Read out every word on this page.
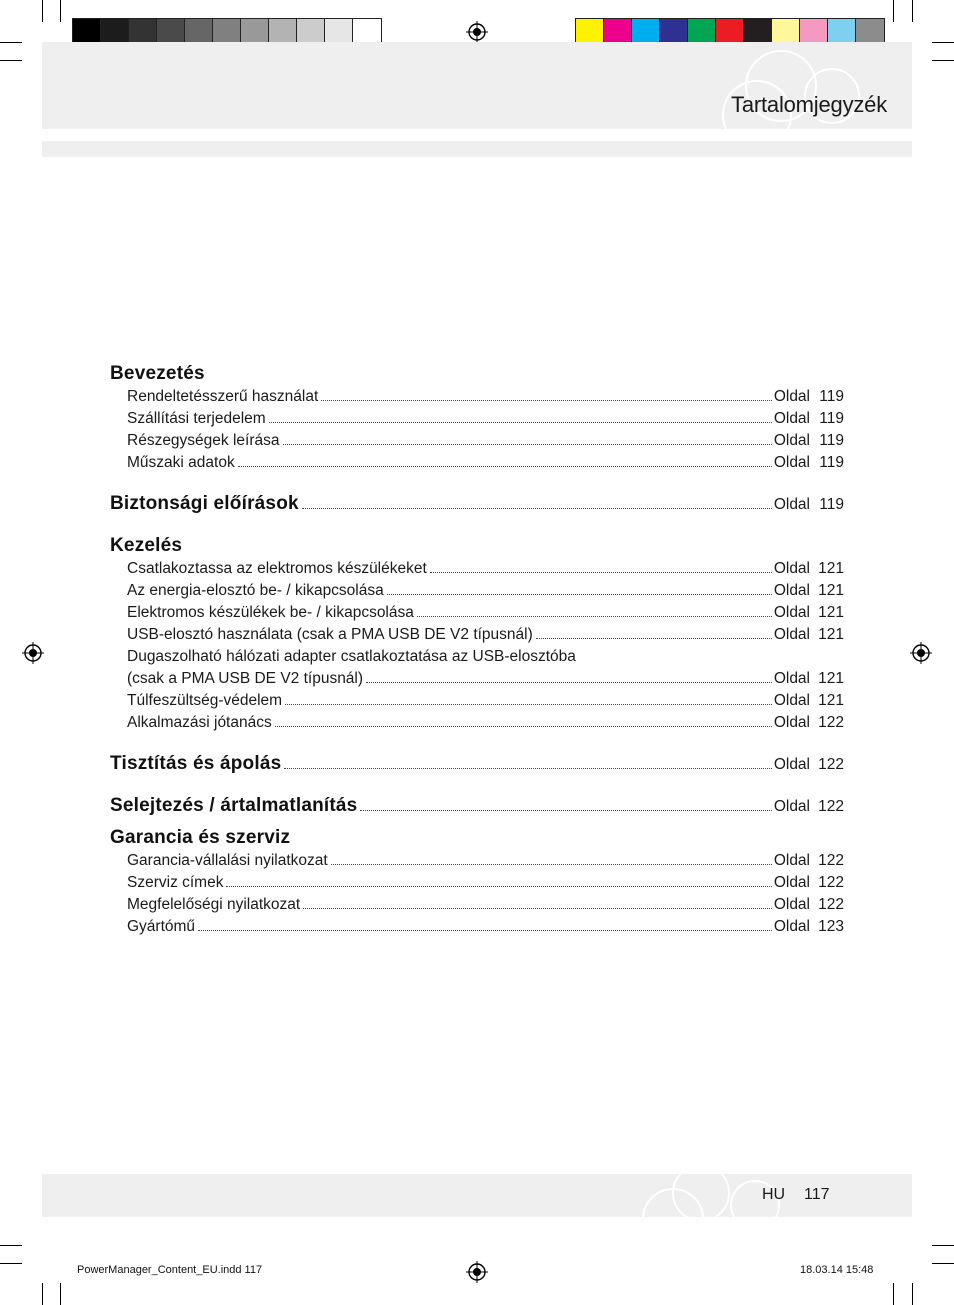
Tartalomjegyzék
Bevezetés
Rendeltetésszerű használat	Oldal 119
Szállítási terjedelem	Oldal 119
Részegységek leírása	Oldal 119
Műszaki adatok	Oldal 119
Biztonsági előírások	Oldal 119
Kezelés
Csatlakoztassa az elektromos készülékeket	Oldal 121
Az energia-elosztó be- / kikapcsolása	Oldal 121
Elektromos készülékek be- / kikapcsolása	Oldal 121
USB-elosztó használata (csak a PMA USB DE V2 típusnál)	Oldal 121
Dugaszolható hálózati adapter csatlakoztatása az USB-elosztóba
(csak a PMA USB DE V2 típusnál)	Oldal 121
Túlfeszültség-védelem	Oldal 121
Alkalmazási jótanács	Oldal 122
Tisztítás és ápolás	Oldal 122
Selejtezés / ártalmatlanítás	Oldal 122
Garancia és szerviz
Garancia-vállalási nyilatkozat	Oldal 122
Szerviz címek	Oldal 122
Megfelelőségi nyilatkozat	Oldal 122
Gyártómű	Oldal 123
HU 117
PowerManager_Content_EU.indd 117	18.03.14 15:48
